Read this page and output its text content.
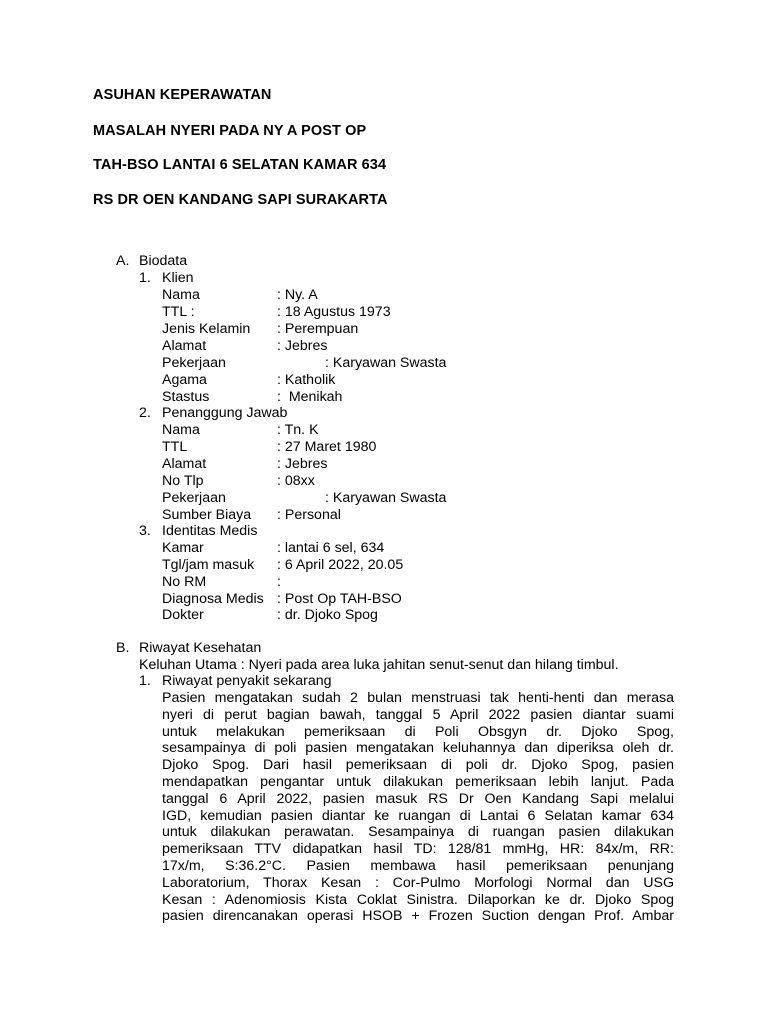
ASUHAN KEPERAWATAN
MASALAH NYERI PADA NY A POST OP
TAH-BSO LANTAI 6 SELATAN KAMAR 634
RS DR OEN KANDANG SAPI SURAKARTA
A. Biodata
1. Klien
Nama	: Ny. A
TTL :	: 18 Agustus 1973
Jenis Kelamin : Perempuan
Alamat	: Jebres
Pekerjaan	: Karyawan Swasta
Agama	: Katholik
Stastus	:  Menikah
2. Penanggung Jawab
Nama	: Tn. K
TTL	: 27 Maret 1980
Alamat	: Jebres
No Tlp	: 08xx
Pekerjaan	: Karyawan Swasta
Sumber Biaya : Personal
3. Identitas Medis
Kamar	: lantai 6 sel, 634
Tgl/jam masuk : 6 April 2022, 20.05
No RM	:
Diagnosa Medis : Post Op TAH-BSO
Dokter	: dr. Djoko Spog
B. Riwayat Kesehatan
Keluhan Utama : Nyeri pada area luka jahitan senut-senut dan hilang timbul.
1. Riwayat penyakit sekarang
Pasien mengatakan sudah 2 bulan menstruasi tak henti-henti dan merasa
nyeri di perut bagian bawah, tanggal 5 April 2022 pasien diantar suami
untuk melakukan pemeriksaan di Poli Obsgyn dr. Djoko Spog,
sesampainya di poli pasien mengatakan keluhannya dan diperiksa oleh dr.
Djoko Spog. Dari hasil pemeriksaan di poli dr. Djoko Spog, pasien
mendapatkan pengantar untuk dilakukan pemeriksaan lebih lanjut. Pada
tanggal 6 April 2022, pasien masuk RS Dr Oen Kandang Sapi melalui
IGD, kemudian pasien diantar ke ruangan di Lantai 6 Selatan kamar 634
untuk dilakukan perawatan. Sesampainya di ruangan pasien dilakukan
pemeriksaan TTV didapatkan hasil TD: 128/81 mmHg, HR: 84x/m, RR:
17x/m, S:36.2°C. Pasien membawa hasil pemeriksaan penunjang
Laboratorium, Thorax Kesan : Cor-Pulmo Morfologi Normal dan USG
Kesan : Adenomiosis Kista Coklat Sinistra. Dilaporkan ke dr. Djoko Spog
pasien direncanakan operasi HSOB + Frozen Suction dengan Prof. Ambar
